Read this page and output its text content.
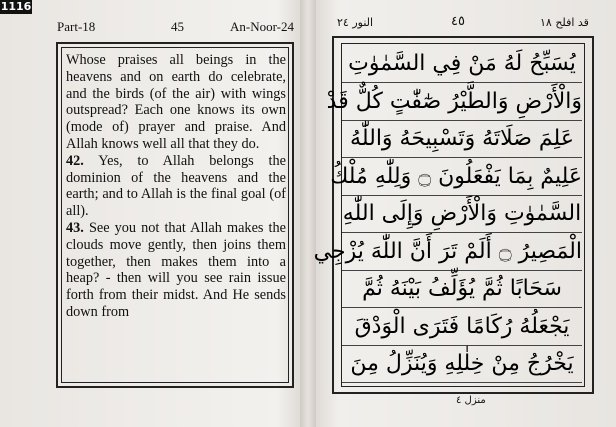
1116
Part-18	45	An-Noor-24
Whose praises all beings in the heavens and on earth do celebrate, and the birds (of the air) with wings outspread? Each one knows its own (mode of) prayer and praise. And Allah knows well all that they do.
42. Yes, to Allah belongs the dominion of the heavens and the earth; and to Allah is the final goal (of all).
43. See you not that Allah makes the clouds move gently, then joins them together, then makes them into a heap? - then will you see rain issue forth from their midst. And He sends down from
قد افلح ١٨
٤٥
النور ٢٤
يُسَبِّحُ لَهُ مَنْ فِي السَّمٰوٰتِ
وَالْأَرْضِ وَالطَّيْرُ صٰٓفّٰتٍ كُلٌّ قَدْ
عَلِمَ صَلَاتَهُ وَتَسْبِيحَهُ وَاللّٰهُ
عَلِيمٌ بِمَا يَفْعَلُونَ ۝ وَلِلّٰهِ مُلْكُ
السَّمٰوٰتِ وَالْأَرْضِ وَإِلَى اللّٰهِ
الْمَصِيرُ ۝ أَلَمْ تَرَ أَنَّ اللّٰهَ يُزْجِي
سَحَابًا ثُمَّ يُؤَلِّفُ بَيْنَهُ ثُمَّ
يَجْعَلُهُ رُكَامًا فَتَرَى الْوَدْقَ
يَخْرُجُ مِنْ خِلٰلِهِ وَيُنَزِّلُ مِنَ
منزل ٤
